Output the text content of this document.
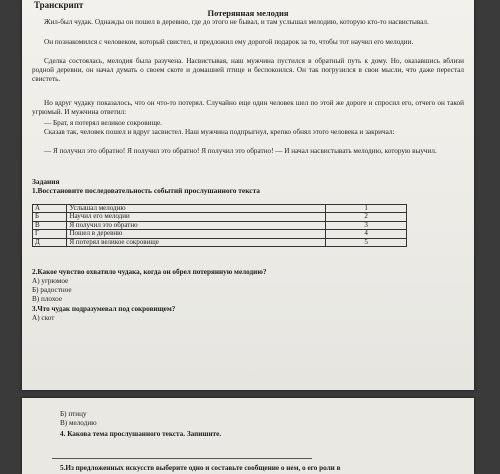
Транскрипт
Потерянная мелодия
Жил-был чудак. Однажды он пошел в деревню, где до этого не бывал, и там услышал мелодию, которую кто-то насвистывал.
Он познакомился с человеком, который свистел, и предложил ему дорогой подарок за то, чтобы тот научил его мелодии.
Сделка состоялась, мелодия была разучена. Насвистывая, наш мужчина пустился в обратный путь к дому. Но, оказавшись вблизи родной деревни, он начал думать о своем скоте и домашней птице и беспокоился. Он так погрузился в свои мысли, что даже перестал свистеть.
Но вдруг чудаку показалось, что он что-то потерял. Случайно еще один человек шел по этой же дороге и спросил его, отчего он такой угрюмый. И мужчина ответил:
— Брат, я потерял великое сокровище.
Сказав так, человек пошел и вдруг засвистел. Наш мужчина подпрыгнул, крепко обнял этого человека и закричал:
— Я получил это обратно! Я получил это обратно! Я получил это обратно! — И начал насвистывать мелодию, которую выучил.
Задания
1.Восстановите последовательность событий прослушанного текста
А	Услышал мелодию	1
Б	Научил его мелодии	2
В	Я получил это обратно	3
Г	Пошел в деревню	4
Д	Я потерял великое сокровище	5
2.Какое чувство охватило чудака, когда он обрел потерянную мелодию?
А) угрюмое
Б) радостное
В) плохое
3.Что чудак подразумевал под сокровищем?
А) скот
Б) птицу
В) мелодию
4. Какова тема прослушанного текста. Запишите.
5.Из предложенных искусств выберите одно и составьте сообщение о нем, о его роли в
